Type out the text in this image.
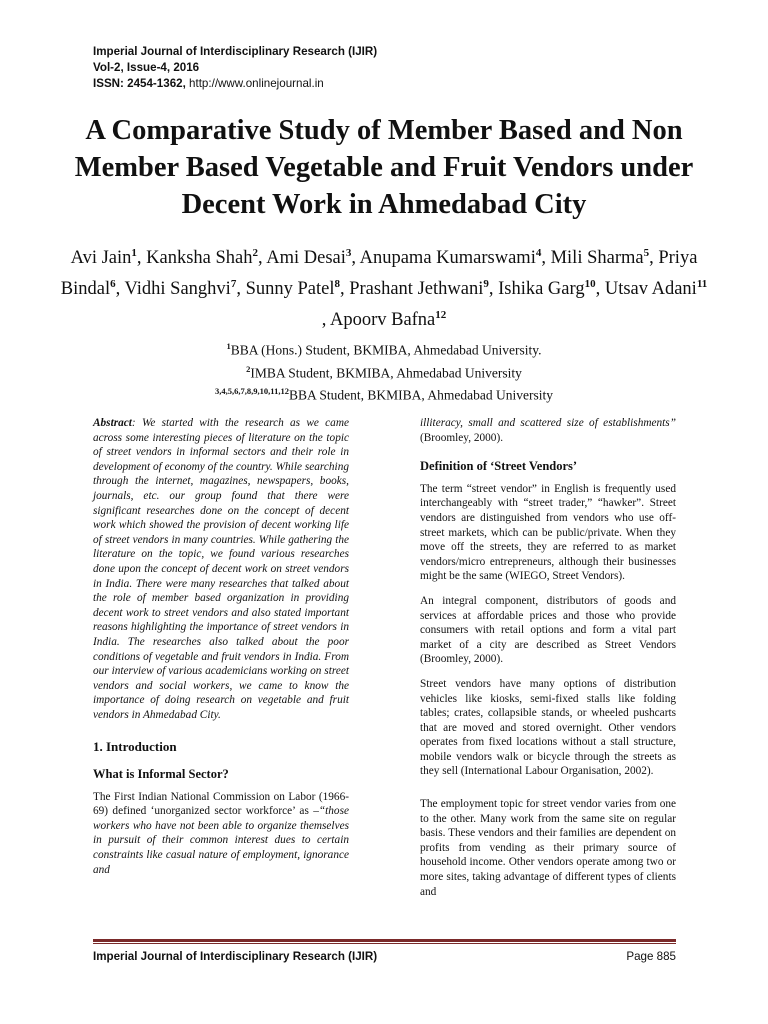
Imperial Journal of Interdisciplinary Research (IJIR)
Vol-2, Issue-4, 2016
ISSN: 2454-1362, http://www.onlinejournal.in
A Comparative Study of Member Based and Non Member Based Vegetable and Fruit Vendors under Decent Work in Ahmedabad City
Avi Jain$^1$, Kanksha Shah$^2$, Ami Desai$^3$, Anupama Kumarswami$^4$, Mili Sharma$^5$, Priya Bindal$^6$, Vidhi Sanghvi$^7$, Sunny Patel$^8$, Prashant Jethwani$^9$, Ishika Garg$^{10}$, Utsav Adani$^{11}$ , Apoorv Bafna$^{12}$
$^1$BBA (Hons.) Student, BKMIBA, Ahmedabad University.
$^2$IMBA Student, BKMIBA, Ahmedabad University
$^{3,4,5,6,7,8,9,10,11,12}$BBA Student, BKMIBA, Ahmedabad University

Abstract: We started with the research as we came across some interesting pieces of literature on the topic of street vendors in informal sectors and their role in development of economy of the country. While searching through the internet, magazines, newspapers, books, journals, etc. our group found that there were significant researches done on the concept of decent work which showed the provision of decent working life of street vendors in many countries. While gathering the literature on the topic, we found various researches done upon the concept of decent work on street vendors in India. There were many researches that talked about the role of member based organization in providing decent work to street vendors and also stated important reasons highlighting the importance of street vendors in India. The researches also talked about the poor conditions of vegetable and fruit vendors in India. From our interview of various academicians working on street vendors and social workers, we came to know the importance of doing research on vegetable and fruit vendors in Ahmedabad City.

1. Introduction
What is Informal Sector?

The First Indian National Commission on Labor (1966-69) defined ‘unorganized sector workforce’ as –“those workers who have not been able to organize themselves in pursuit of their common interest dues to certain constraints like casual nature of employment, ignorance and

illiteracy, small and scattered size of establishments” (Broomley, 2000).

Definition of ‘Street Vendors’

The term “street vendor” in English is frequently used interchangeably with “street trader,” “hawker”. Street vendors are distinguished from vendors who use off-street markets, which can be public/private. When they move off the streets, they are referred to as market vendors/micro entrepreneurs, although their businesses might be the same (WIEGO, Street Vendors).

An integral component, distributors of goods and services at affordable prices and those who provide consumers with retail options and form a vital part market of a city are described as Street Vendors (Broomley, 2000).

Street vendors have many options of distribution vehicles like kiosks, semi-fixed stalls like folding tables; crates, collapsible stands, or wheeled pushcarts that are moved and stored overnight. Other vendors operates from fixed locations without a stall structure, mobile vendors walk or bicycle through the streets as they sell (International Labour Organisation, 2002).

The employment topic for street vendor varies from one to the other. Many work from the same site on regular basis. These vendors and their families are dependent on profits from vending as their primary source of household income. Other vendors operate among two or more sites, taking advantage of different types of clients and

Imperial Journal of Interdisciplinary Research (IJIR)	Page 885
